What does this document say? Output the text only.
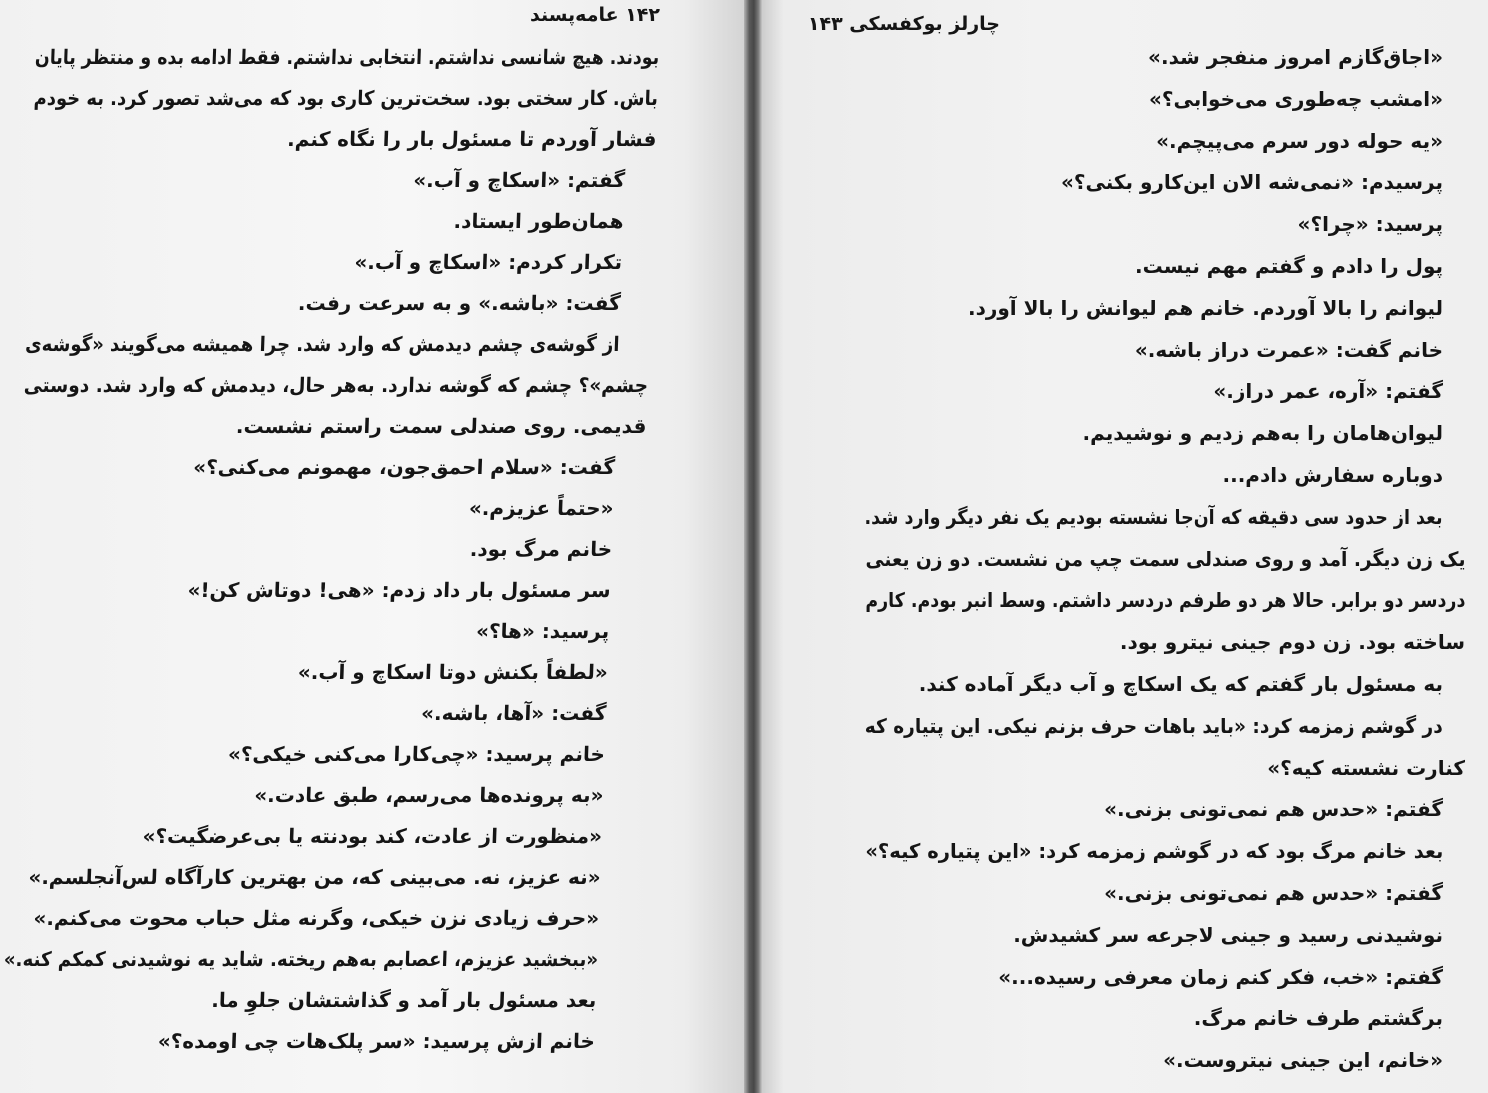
۱۴۲ عامه‌پسند
بودند. هیچ شانسی نداشتم. انتخابی نداشتم. فقط ادامه بده و منتظر پایان
باش. کار سختی بود. سخت‌ترین کاری بود که می‌شد تصور کرد. به خودم
فشار آوردم تا مسئول بار را نگاه کنم.
گفتم: «اسکاچ و آب.»
همان‌طور ایستاد.
تکرار کردم: «اسکاچ و آب.»
گفت: «باشه.» و به سرعت رفت.
از گوشه‌ی چشم دیدمش که وارد شد. چرا همیشه می‌گویند «گوشه‌ی
چشم»؟ چشم که گوشه ندارد. به‌هر حال، دیدمش که وارد شد. دوستی
قدیمی. روی صندلی سمت راستم نشست.
گفت: «سلام احمق‌جون، مهمونم می‌کنی؟»
«حتماً عزیزم.»
خانم مرگ بود.
سر مسئول بار داد زدم: «هی! دوتاش کن!»
پرسید: «ها؟»
«لطفاً بکنش دوتا اسکاچ و آب.»
گفت: «آها، باشه.»
خانم پرسید: «چی‌کارا می‌کنی خیکی؟»
«به پرونده‌ها می‌رسم، طبق عادت.»
«منظورت از عادت، کند بودنته یا بی‌عرضگیت؟»
«نه عزیز، نه. می‌بینی که، من بهترین کارآگاه لس‌آنجلسم.»
«حرف زیادی نزن خیکی، وگرنه مثل حباب محوت می‌کنم.»
«ببخشید عزیزم، اعصابم به‌هم ریخته. شاید یه نوشیدنی کمکم کنه.»
بعد مسئول بار آمد و گذاشتشان جلوِ ما.
خانم ازش پرسید: «سر پلک‌هات چی اومده؟»
چارلز بوکفسکی ۱۴۳
«اجاق‌گازم امروز منفجر شد.»
«امشب چه‌طوری می‌خوابی؟»
«یه حوله دور سرم می‌پیچم.»
پرسیدم: «نمی‌شه الان این‌کارو بکنی؟»
پرسید: «چرا؟»
پول را دادم و گفتم مهم نیست.
لیوانم را بالا آوردم. خانم هم لیوانش را بالا آورد.
خانم گفت: «عمرت دراز باشه.»
گفتم: «آره، عمر دراز.»
لیوان‌هامان را به‌هم زدیم و نوشیدیم.
دوباره سفارش دادم...
بعد از حدود سی دقیقه که آن‌جا نشسته بودیم یک نفر دیگر وارد شد.
یک زن دیگر. آمد و روی صندلی سمت چپ من نشست. دو زن یعنی
دردسر دو برابر. حالا هر دو طرفم دردسر داشتم. وسط انبر بودم. کارم
ساخته بود. زن دوم جینی نیترو بود.
به مسئول بار گفتم که یک اسکاچ و آب دیگر آماده کند.
در گوشم زمزمه کرد: «باید باهات حرف بزنم نیکی. این پتیاره که
کنارت نشسته کیه؟»
گفتم: «حدس هم نمی‌تونی بزنی.»
بعد خانم مرگ بود که در گوشم زمزمه کرد: «این پتیاره کیه؟»
گفتم: «حدس هم نمی‌تونی بزنی.»
نوشیدنی رسید و جینی لاجرعه سر کشیدش.
گفتم: «خب، فکر کنم زمان معرفی رسیده...»
برگشتم طرف خانم مرگ.
«خانم، این جینی نیتروست.»
